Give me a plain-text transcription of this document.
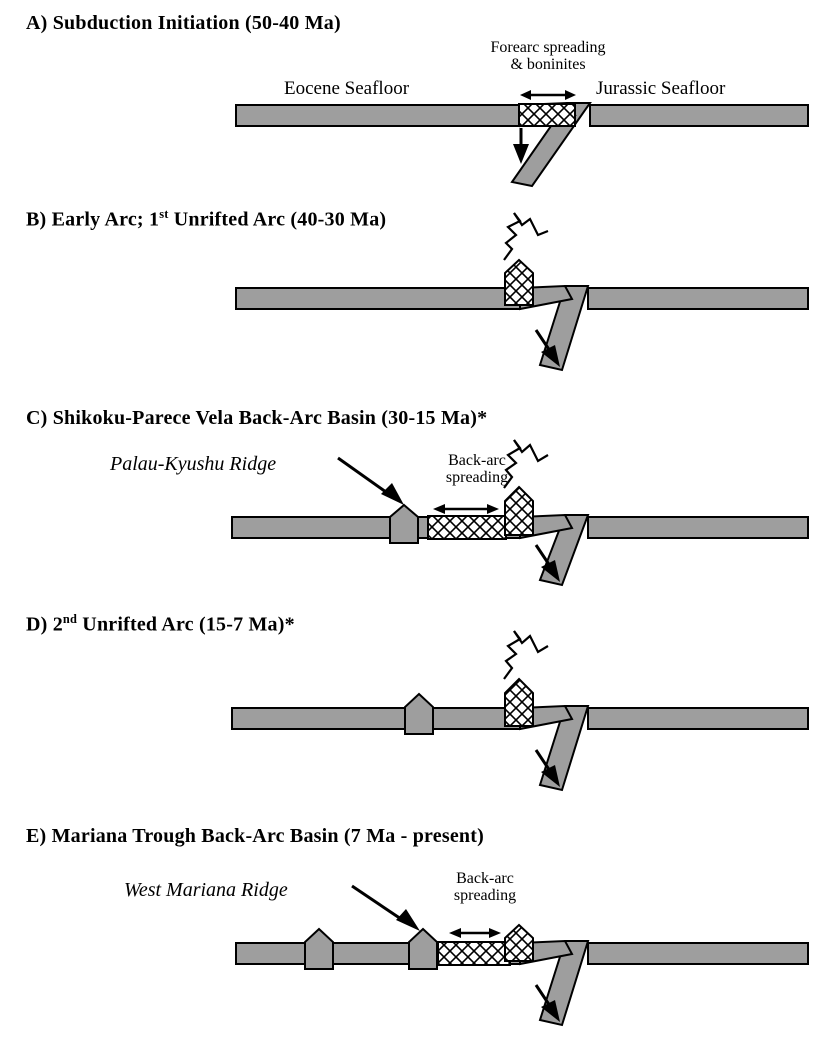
A) Subduction Initiation (50-40 Ma)
Forearc spreading
& boninites
Eocene Seafloor	Jurassic Seafloor
B) Early Arc; 1st Unrifted Arc (40-30 Ma)
C) Shikoku-Parece Vela Back-Arc Basin (30-15 Ma)*
Palau-Kyushu Ridge	Back-arc
spreading
D) 2nd Unrifted Arc (15-7 Ma)*
E) Mariana Trough Back-Arc Basin (7 Ma - present)
West Mariana Ridge
Back-arc
spreading
